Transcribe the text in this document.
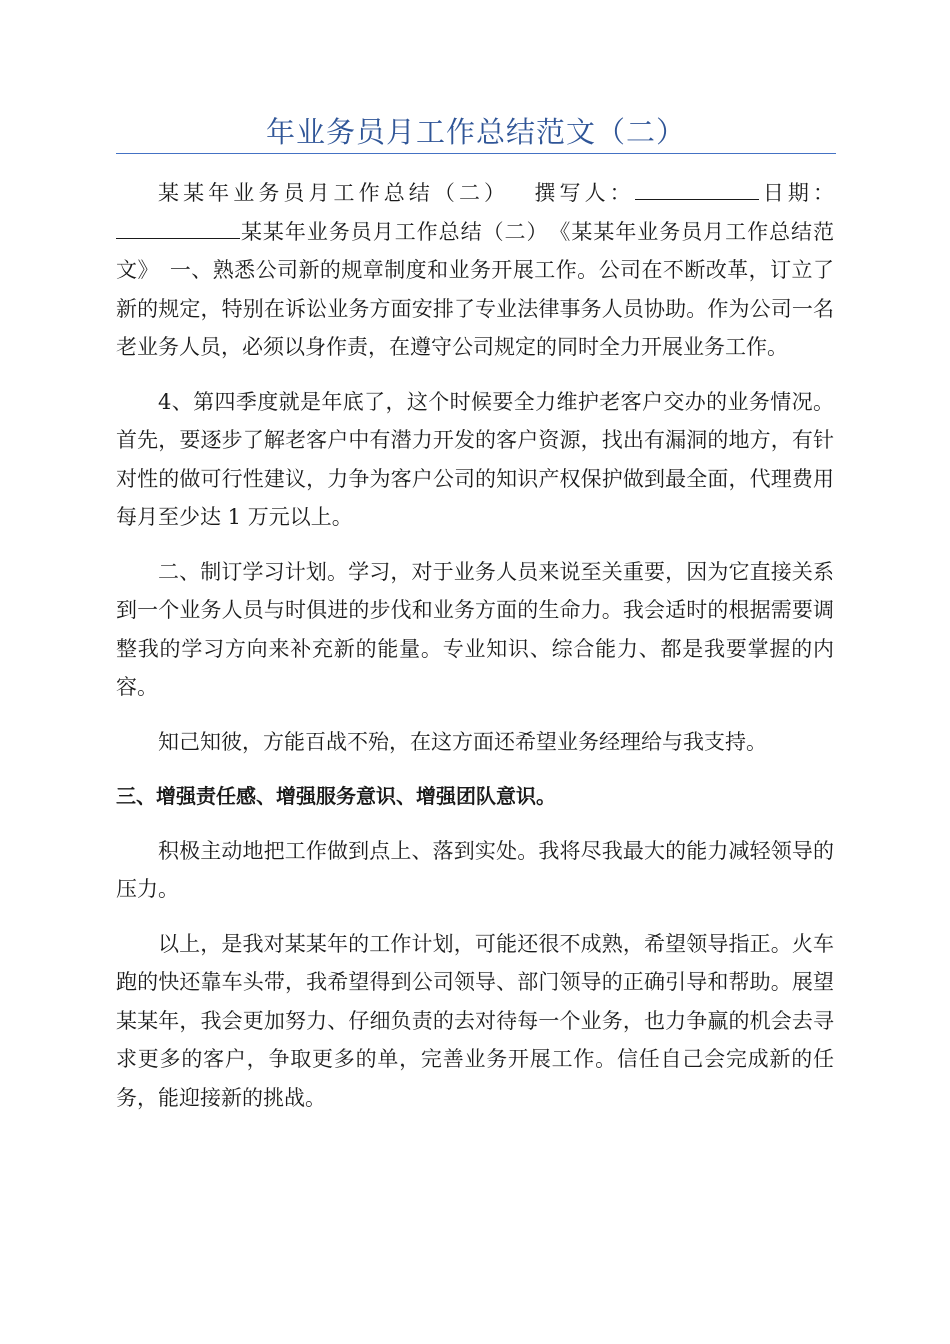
年业务员月工作总结范文（二）

某某年业务员月工作总结（二）　 撰写人：	日期：某某年业务员月工作总结（二）　《某某年业务员月工作总结范文》　一、熟悉公司新的规章制度和业务开展工作。公司在不断改革，订立了新的规定，特别在诉讼业务方面安排了专业法律事务人员协助。作为公司一名老业务人员，必须以身作责，在遵守公司规定的同时全力开展业务工作。

4、第四季度就是年底了，这个时候要全力维护老客户交办的业务情况。首先，要逐步了解老客户中有潜力开发的客户资源，找出有漏洞的地方，有针对性的做可行性建议，力争为客户公司的知识产权保护做到最全面，代理费用每月至少达 1 万元以上。

二、制订学习计划。学习，对于业务人员来说至关重要，因为它直接关系到一个业务人员与时俱进的步伐和业务方面的生命力。我会适时的根据需要调整我的学习方向来补充新的能量。专业知识、综合能力、都是我要掌握的内容。

知己知彼，方能百战不殆，在这方面还希望业务经理给与我支持。

三、增强责任感、增强服务意识、增强团队意识。

积极主动地把工作做到点上、落到实处。我将尽我最大的能力减轻领导的压力。

以上，是我对某某年的工作计划，可能还很不成熟，希望领导指正。火车跑的快还靠车头带，我希望得到公司领导、部门领导的正确引导和帮助。展望某某年，我会更加努力、仔细负责的去对待每一个业务，也力争赢的机会去寻求更多的客户，争取更多的单，完善业务开展工作。信任自己会完成新的任务，能迎接新的挑战。
